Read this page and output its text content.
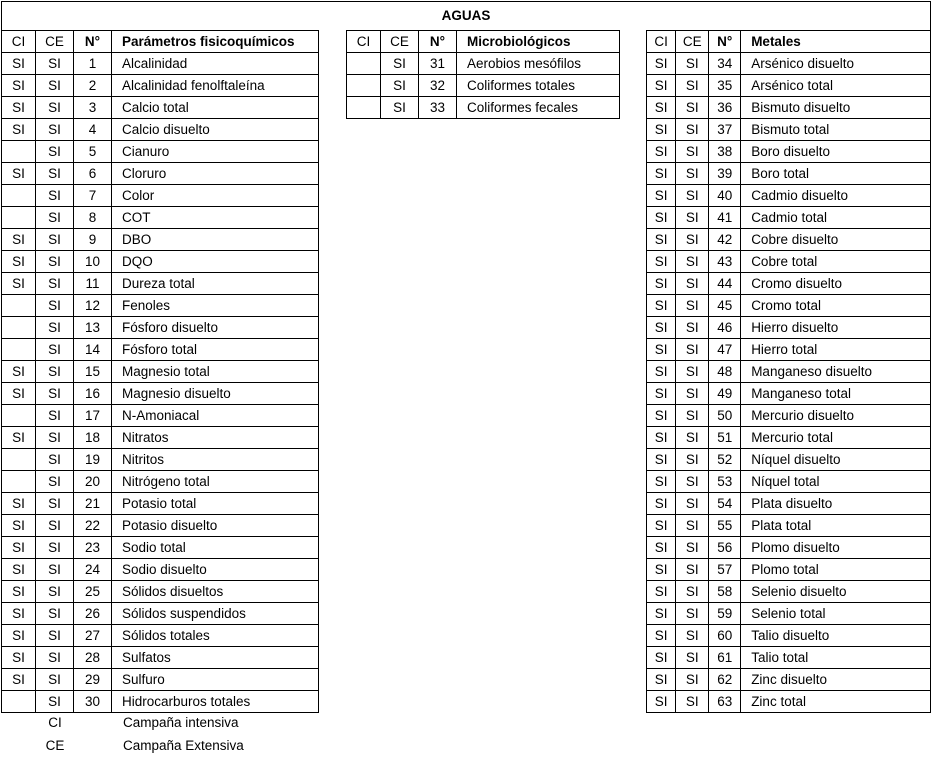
AGUAS
CI	CE	N°	Parámetros fisicoquímicos
SI	SI	1	Alcalinidad
SI	SI	2	Alcalinidad fenolftaleína
SI	SI	3	Calcio total
SI	SI	4	Calcio disuelto
	SI	5	Cianuro
SI	SI	6	Cloruro
	SI	7	Color
	SI	8	COT
SI	SI	9	DBO
SI	SI	10	DQO
SI	SI	11	Dureza total
	SI	12	Fenoles
	SI	13	Fósforo disuelto
	SI	14	Fósforo total
SI	SI	15	Magnesio total
SI	SI	16	Magnesio disuelto
	SI	17	N-Amoniacal
SI	SI	18	Nitratos
	SI	19	Nitritos
	SI	20	Nitrógeno total
SI	SI	21	Potasio total
SI	SI	22	Potasio disuelto
SI	SI	23	Sodio total
SI	SI	24	Sodio disuelto
SI	SI	25	Sólidos disueltos
SI	SI	26	Sólidos suspendidos
SI	SI	27	Sólidos totales
SI	SI	28	Sulfatos
SI	SI	29	Sulfuro
	SI	30	Hidrocarburos totales
CI	CE	N°	Microbiológicos
	SI	31	Aerobios mesófilos
	SI	32	Coliformes totales
	SI	33	Coliformes fecales
CI	CE	N°	Metales
SI	SI	34	Arsénico disuelto
SI	SI	35	Arsénico total
SI	SI	36	Bismuto disuelto
SI	SI	37	Bismuto total
SI	SI	38	Boro disuelto
SI	SI	39	Boro total
SI	SI	40	Cadmio disuelto
SI	SI	41	Cadmio total
SI	SI	42	Cobre disuelto
SI	SI	43	Cobre total
SI	SI	44	Cromo disuelto
SI	SI	45	Cromo total
SI	SI	46	Hierro disuelto
SI	SI	47	Hierro total
SI	SI	48	Manganeso disuelto
SI	SI	49	Manganeso total
SI	SI	50	Mercurio disuelto
SI	SI	51	Mercurio total
SI	SI	52	Níquel disuelto
SI	SI	53	Níquel total
SI	SI	54	Plata disuelto
SI	SI	55	Plata total
SI	SI	56	Plomo disuelto
SI	SI	57	Plomo total
SI	SI	58	Selenio disuelto
SI	SI	59	Selenio total
SI	SI	60	Talio disuelto
SI	SI	61	Talio total
SI	SI	62	Zinc disuelto
SI	SI	63	Zinc total
CI	Campaña intensiva
CE	Campaña Extensiva
